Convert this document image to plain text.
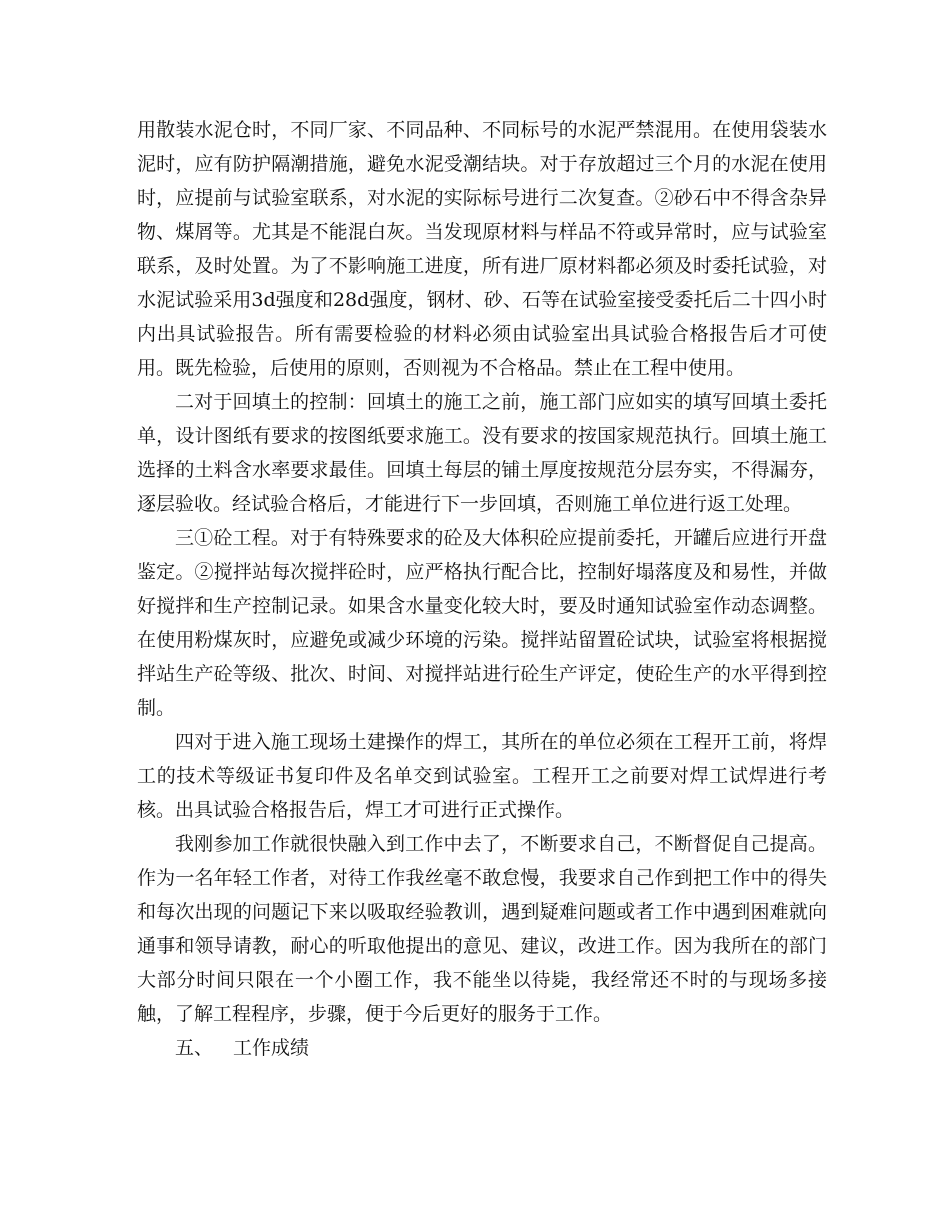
用散装水泥仓时，不同厂家、不同品种、不同标号的水泥严禁混用。在使用袋装水泥时，应有防护隔潮措施，避免水泥受潮结块。对于存放超过三个月的水泥在使用时，应提前与试验室联系，对水泥的实际标号进行二次复查。②砂石中不得含杂异物、煤屑等。尤其是不能混白灰。当发现原材料与样品不符或异常时，应与试验室联系，及时处置。为了不影响施工进度，所有进厂原材料都必须及时委托试验，对水泥试验采用3d强度和28d强度，钢材、砂、石等在试验室接受委托后二十四小时内出具试验报告。所有需要检验的材料必须由试验室出具试验合格报告后才可使用。既先检验，后使用的原则，否则视为不合格品。禁止在工程中使用。

二对于回填土的控制：回填土的施工之前，施工部门应如实的填写回填土委托单，设计图纸有要求的按图纸要求施工。没有要求的按国家规范执行。回填土施工选择的土料含水率要求最佳。回填土每层的铺土厚度按规范分层夯实，不得漏夯，逐层验收。经试验合格后，才能进行下一步回填，否则施工单位进行返工处理。

三①砼工程。对于有特殊要求的砼及大体积砼应提前委托，开罐后应进行开盘鉴定。②搅拌站每次搅拌砼时，应严格执行配合比，控制好塌落度及和易性，并做好搅拌和生产控制记录。如果含水量变化较大时，要及时通知试验室作动态调整。在使用粉煤灰时，应避免或减少环境的污染。搅拌站留置砼试块，试验室将根据搅拌站生产砼等级、批次、时间、对搅拌站进行砼生产评定，使砼生产的水平得到控制。

四对于进入施工现场土建操作的焊工，其所在的单位必须在工程开工前，将焊工的技术等级证书复印件及名单交到试验室。工程开工之前要对焊工试焊进行考核。出具试验合格报告后，焊工才可进行正式操作。

我刚参加工作就很快融入到工作中去了，不断要求自己，不断督促自己提高。作为一名年轻工作者，对待工作我丝毫不敢怠慢，我要求自己作到把工作中的得失和每次出现的问题记下来以吸取经验教训，遇到疑难问题或者工作中遇到困难就向通事和领导请教，耐心的听取他提出的意见、建议，改进工作。因为我所在的部门大部分时间只限在一个小圈工作，我不能坐以待毙，我经常还不时的与现场多接触，了解工程程序，步骤，便于今后更好的服务于工作。

五、 工作成绩
